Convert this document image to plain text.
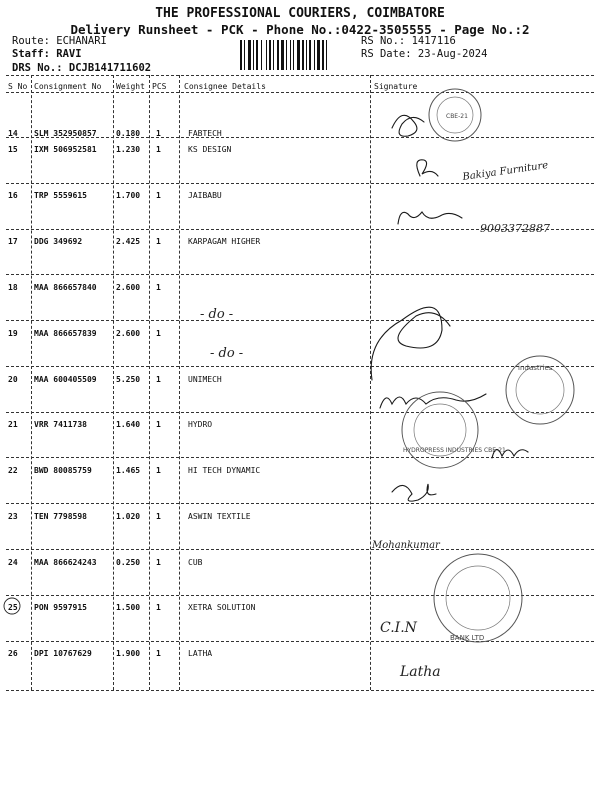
THE PROFESSIONAL COURIERS, COIMBATORE
Delivery Runsheet - PCK - Phone No.:0422-3505555 - Page No.:2
Route: ECHANARI
Staff: RAVI
DRS No.: DCJB141711602
RS No.: 1417116
RS Date: 23-Aug-2024
S No Consignment No Weight PCS Consignee Details	Signature
14 SLM 352950857 0.180 1	FABTECH
15 IXM 506952581 1.230 1	KS DESIGN
16 TRP 5559615	1.700 1	JAIBABU
17 DDG 349692	2.425 1	KARPAGAM HIGHER
18 MAA 866657840 2.600 1
19 MAA 866657839 2.600 1
20 MAA 600405509 5.250 1	UNIMECH
21 VRR 7411738	1.640 1	HYDRO
22 BWD 80085759	1.465 1	HI TECH DYNAMIC
23 TEN 7798598	1.020 1	ASWIN TEXTILE
24 MAA 866624243 0.250 1	CUB
25 PON 9597915	1.500 1	XETRA SOLUTION
26 DPI 10767629	1.900 1	LATHA
CBE-21
Bakiya Furniture
9003372887
- do -
- do -
industries
HYDROPRESS INDUSTRIES CBE-21
Mohankumar
BANK LTD
C.I.N
Latha
